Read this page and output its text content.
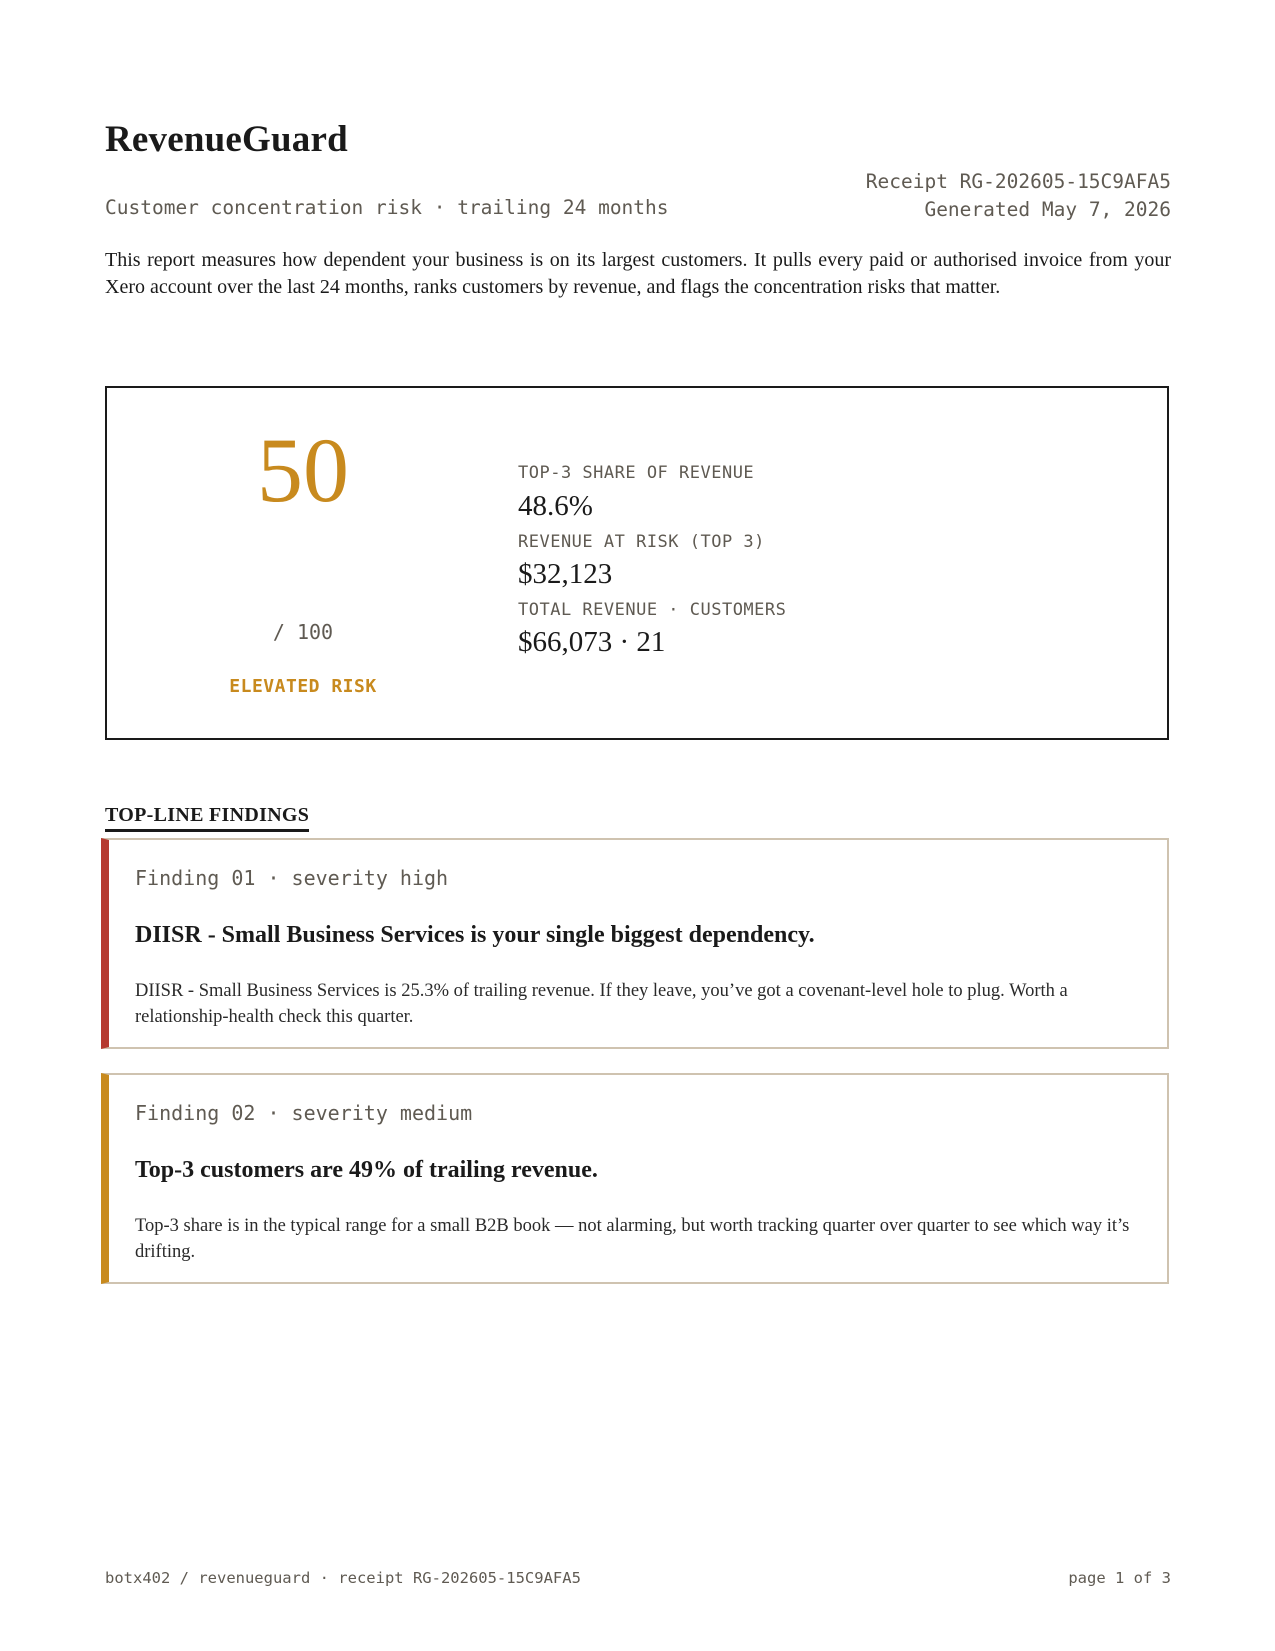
RevenueGuard
Customer concentration risk · trailing 24 months
Receipt RG-202605-15C9AFA5
Generated May 7, 2026
This report measures how dependent your business is on its largest customers. It pulls every paid or authorised invoice from your Xero account over the last 24 months, ranks customers by revenue, and flags the concentration risks that matter.
50
/ 100
ELEVATED RISK
TOP-3 SHARE OF REVENUE
48.6%
REVENUE AT RISK (TOP 3)
$32,123
TOTAL REVENUE · CUSTOMERS
$66,073 · 21
TOP-LINE FINDINGS
Finding 01 · severity high
DIISR - Small Business Services is your single biggest dependency.
DIISR - Small Business Services is 25.3% of trailing revenue. If they leave, you’ve got a covenant-level hole to plug. Worth a relationship-health check this quarter.
Finding 02 · severity medium
Top-3 customers are 49% of trailing revenue.
Top-3 share is in the typical range for a small B2B book — not alarming, but worth tracking quarter over quarter to see which way it’s drifting.
botx402 / revenueguard · receipt RG-202605-15C9AFA5	page 1 of 3
